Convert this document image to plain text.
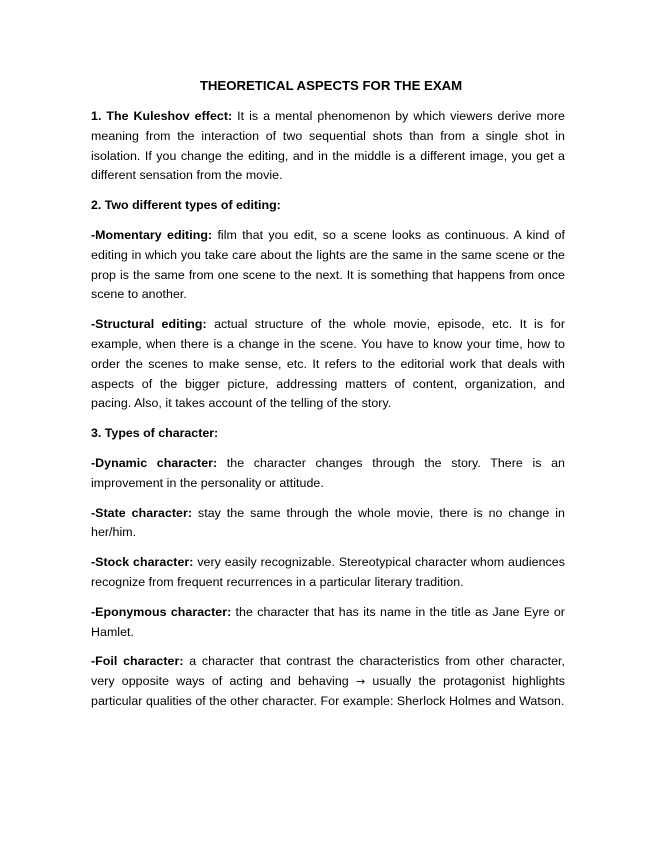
THEORETICAL ASPECTS FOR THE EXAM

1. The Kuleshov effect: It is a mental phenomenon by which viewers derive more meaning from the interaction of two sequential shots than from a single shot in isolation. If you change the editing, and in the middle is a different image, you get a different sensation from the movie.

2. Two different types of editing:

-Momentary editing: film that you edit, so a scene looks as continuous. A kind of editing in which you take care about the lights are the same in the same scene or the prop is the same from one scene to the next. It is something that happens from once scene to another.

-Structural editing: actual structure of the whole movie, episode, etc. It is for example, when there is a change in the scene. You have to know your time, how to order the scenes to make sense, etc. It refers to the editorial work that deals with aspects of the bigger picture, addressing matters of content, organization, and pacing. Also, it takes account of the telling of the story.

3. Types of character:

-Dynamic character: the character changes through the story. There is an improvement in the personality or attitude.

-State character: stay the same through the whole movie, there is no change in her/him.

-Stock character: very easily recognizable. Stereotypical character whom audiences recognize from frequent recurrences in a particular literary tradition.

-Eponymous character: the character that has its name in the title as Jane Eyre or Hamlet.

-Foil character: a character that contrast the characteristics from other character, very opposite ways of acting and behaving → usually the protagonist highlights particular qualities of the other character. For example: Sherlock Holmes and Watson.
